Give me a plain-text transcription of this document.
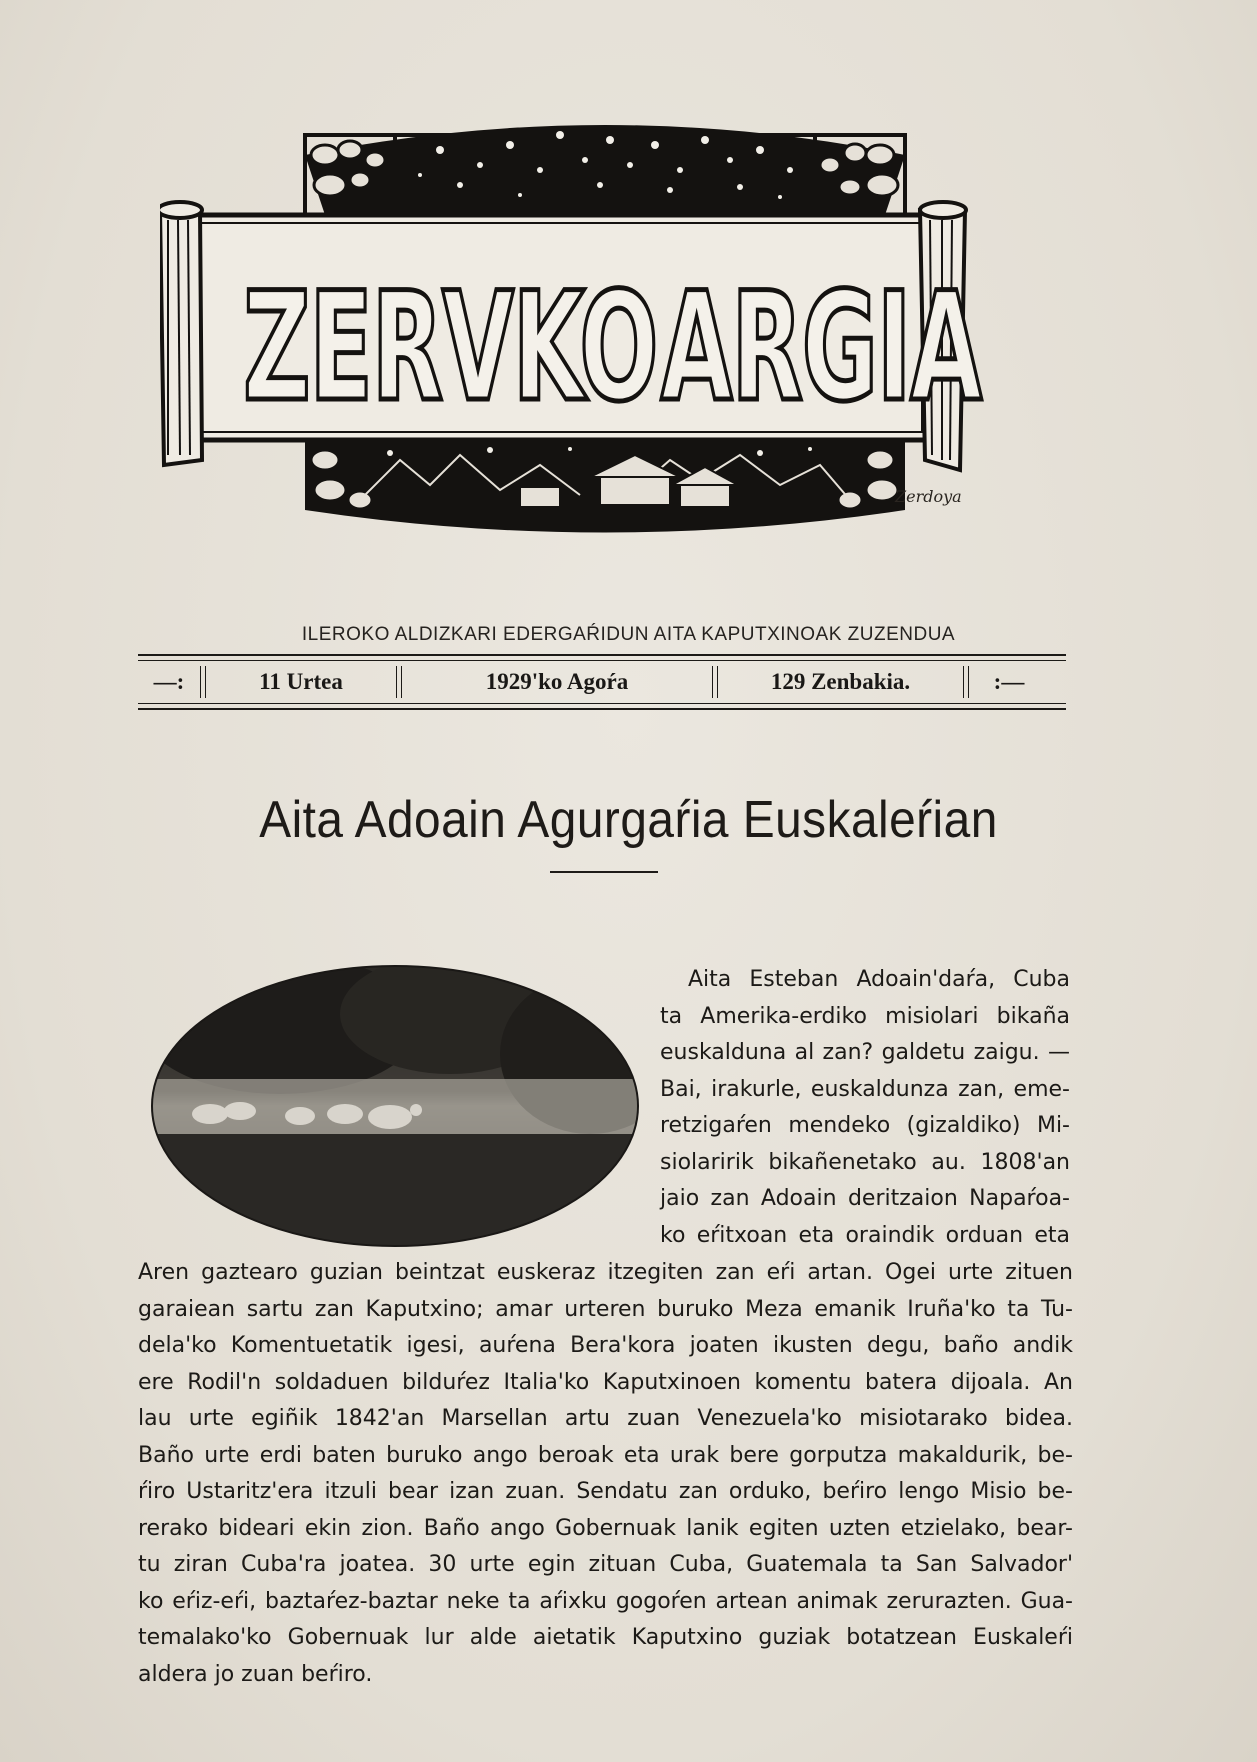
ZERVKO ARGIA
Zerdoya
ILEROKO ALDIZKARI EDERGAŔIDUN AITA KAPUTXINOAK ZUZENDUA
—:	11 Urtea	1929'ko Agoŕa	129 Zenbakia.	:—
Aita Adoain Agurgaŕia Euskaleŕian
Aita Esteban Adoain'daŕa, Cuba
ta Amerika-erdiko misiolari bikaña
euskalduna al zan? galdetu zaigu. —
Bai, irakurle, euskaldunza zan, eme-
retzigaŕen mendeko (gizaldiko) Mi-
siolaririk bikañenetako au. 1808'an
jaio zan Adoain deritzaion Napaŕoa-
ko eŕitxoan eta oraindik orduan eta
Aren gaztearo guzian beintzat euskeraz itzegiten zan eŕi artan. Ogei urte zituen
garaiean sartu zan Kaputxino; amar urteren buruko Meza emanik Iruña'ko ta Tu-
dela'ko Komentuetatik igesi, auŕena Bera'kora joaten ikusten degu, baño andik
ere Rodil'n soldaduen bilduŕez Italia'ko Kaputxinoen komentu batera dijoala. An
lau urte egiñik 1842'an Marsellan artu zuan Venezuela'ko misiotarako bidea.
Baño urte erdi baten buruko ango beroak eta urak bere gorputza makaldurik, be-
ŕiro Ustaritz'era itzuli bear izan zuan. Sendatu zan orduko, beŕiro lengo Misio be-
rerako bideari ekin zion. Baño ango Gobernuak lanik egiten uzten etzielako, bear-
tu ziran Cuba'ra joatea. 30 urte egin zituan Cuba, Guatemala ta San Salvador'
ko eŕiz-eŕi, baztaŕez-baztar neke ta aŕixku gogoŕen artean animak zerurazten. Gua-
temalako'ko Gobernuak lur alde aietatik Kaputxino guziak botatzean Euskaleŕi
aldera jo zuan beŕiro.
